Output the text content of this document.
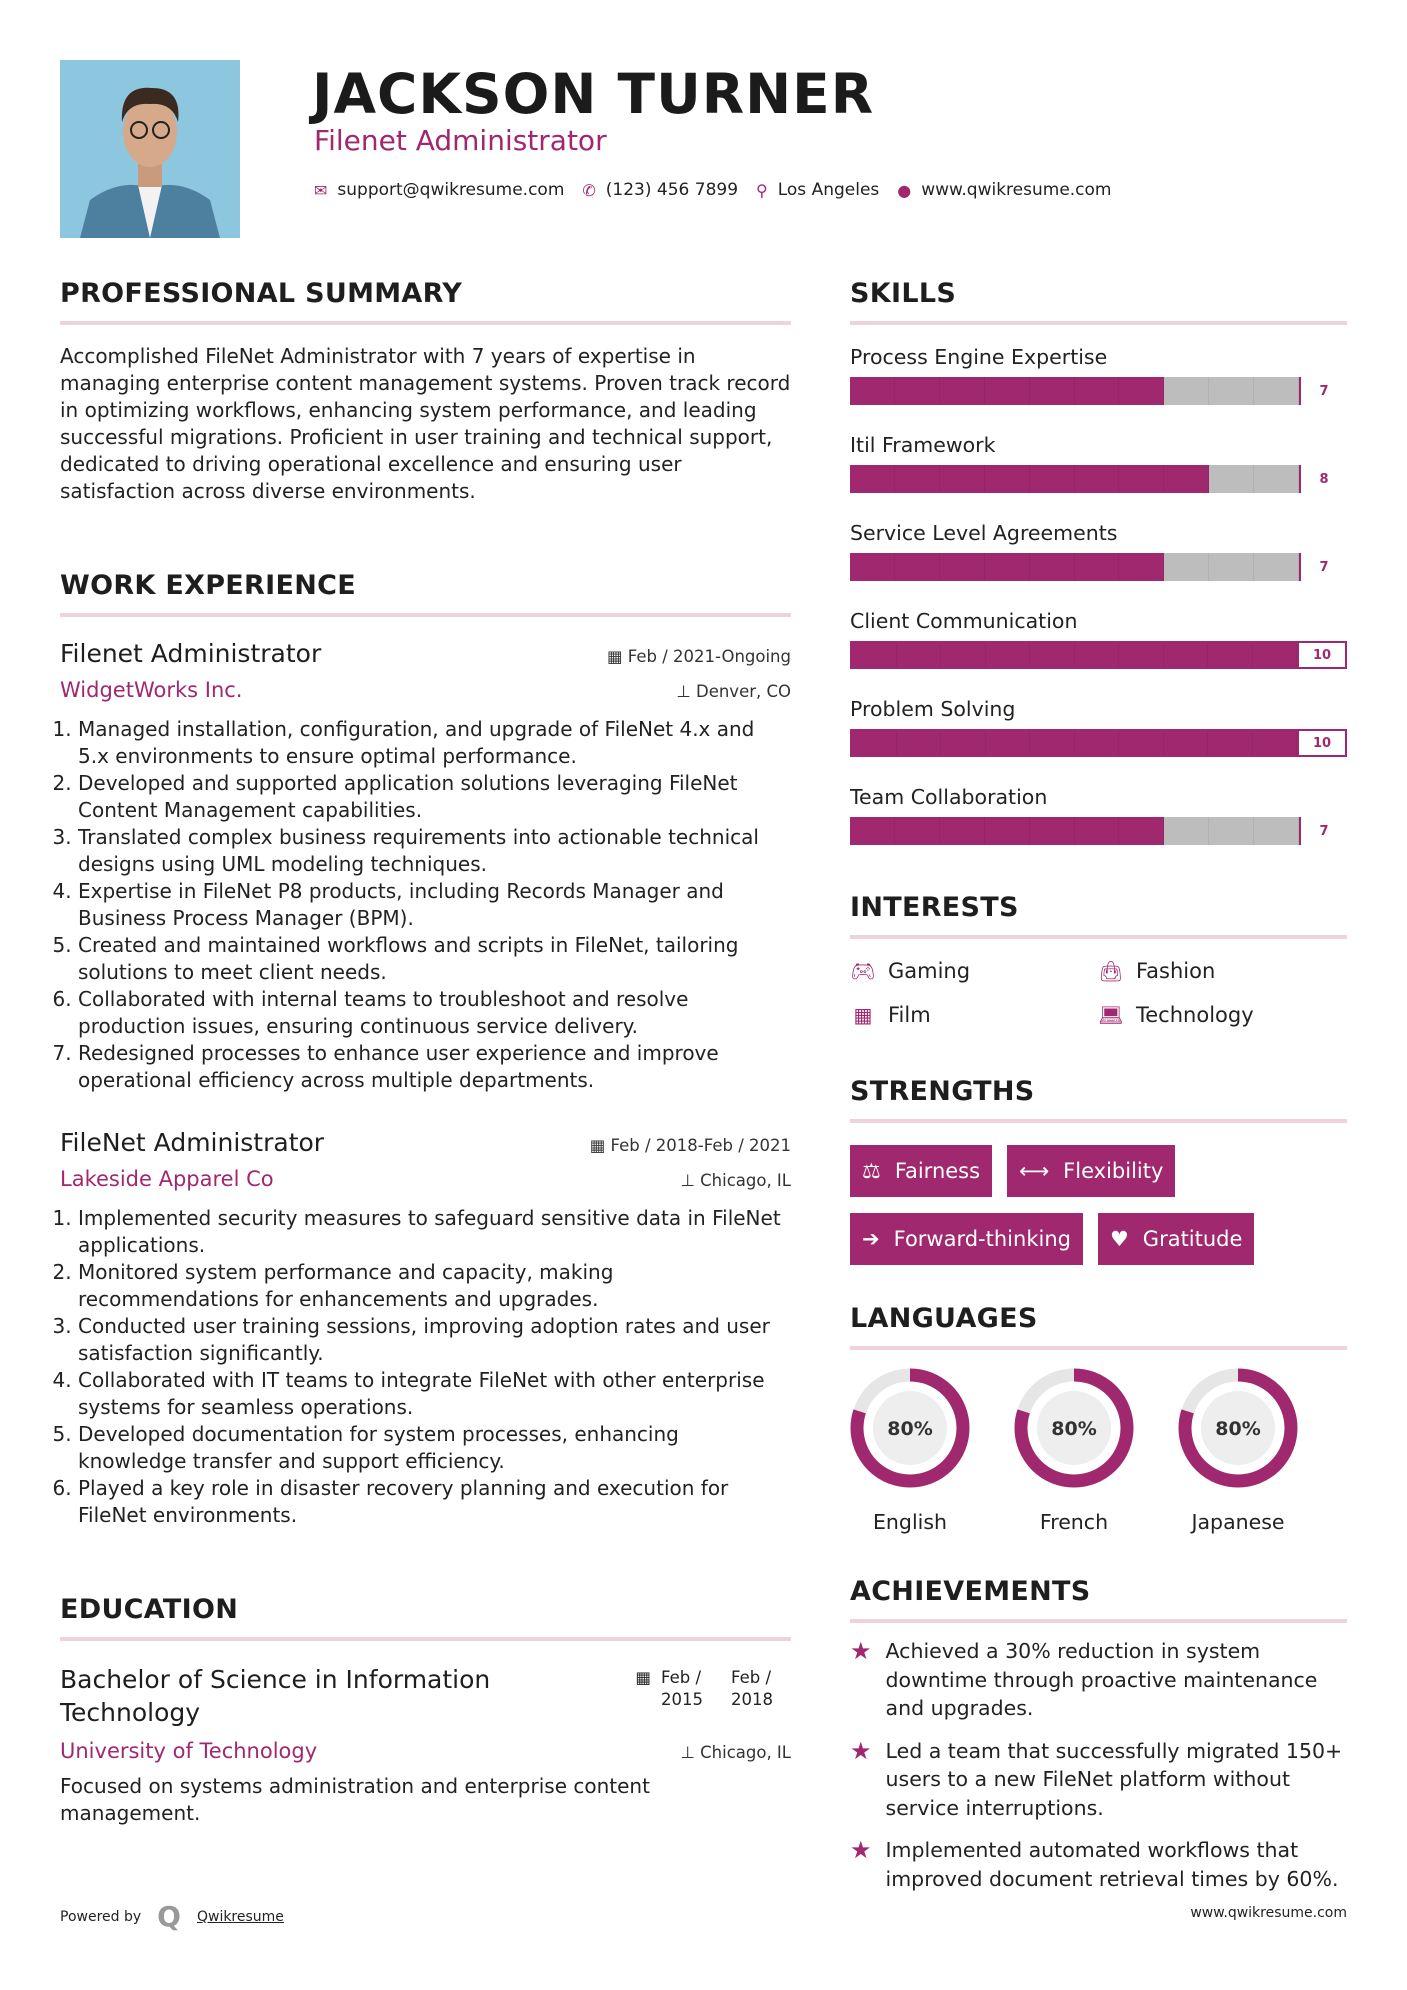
JACKSON TURNER
Filenet Administrator
✉ support@qwikresume.com ✆ (123) 456 7899 ⚲ Los Angeles ● www.qwikresume.com
PROFESSIONAL SUMMARY
Accomplished FileNet Administrator with 7 years of expertise in managing enterprise content management systems. Proven track record in optimizing workflows, enhancing system performance, and leading successful migrations. Proficient in user training and technical support, dedicated to driving operational excellence and ensuring user satisfaction across diverse environments.
WORK EXPERIENCE
Filenet Administrator	▦ Feb / 2021-Ongoing
WidgetWorks Inc.	⊥ Denver, CO
1. Managed installation, configuration, and upgrade of FileNet 4.x and 5.x environments to ensure optimal performance.
2. Developed and supported application solutions leveraging FileNet Content Management capabilities.
3. Translated complex business requirements into actionable technical designs using UML modeling techniques.
4. Expertise in FileNet P8 products, including Records Manager and Business Process Manager (BPM).
5. Created and maintained workflows and scripts in FileNet, tailoring solutions to meet client needs.
6. Collaborated with internal teams to troubleshoot and resolve production issues, ensuring continuous service delivery.
7. Redesigned processes to enhance user experience and improve operational efficiency across multiple departments.
FileNet Administrator	▦ Feb / 2018-Feb / 2021
Lakeside Apparel Co	⊥ Chicago, IL
1. Implemented security measures to safeguard sensitive data in FileNet applications.
2. Monitored system performance and capacity, making recommendations for enhancements and upgrades.
3. Conducted user training sessions, improving adoption rates and user satisfaction significantly.
4. Collaborated with IT teams to integrate FileNet with other enterprise systems for seamless operations.
5. Developed documentation for system processes, enhancing knowledge transfer and support efficiency.
6. Played a key role in disaster recovery planning and execution for FileNet environments.
EDUCATION
Bachelor of Science in Information Technology
▦ Feb / 2015
Feb / 2018
University of Technology	⊥ Chicago, IL
Focused on systems administration and enterprise content management.
SKILLS
Process Engine Expertise
7
Itil Framework
8
Service Level Agreements
7
Client Communication
10
Problem Solving
10
Team Collaboration
7
INTERESTS
🎮︎ Gaming	👜︎ Fashion
▦ Film	💻︎ Technology
STRENGTHS
⚖ Fairness ⟷ Flexibility
➔ Forward-thinking ♥ Gratitude
LANGUAGES
80%
English
80%
French
80%
Japanese
ACHIEVEMENTS
★ Achieved a 30% reduction in system downtime through proactive maintenance and upgrades.
★ Led a team that successfully migrated 150+ users to a new FileNet platform without service interruptions.
★ Implemented automated workflows that improved document retrieval times by 60%.
Powered by Q Qwikresume	www.qwikresume.com
